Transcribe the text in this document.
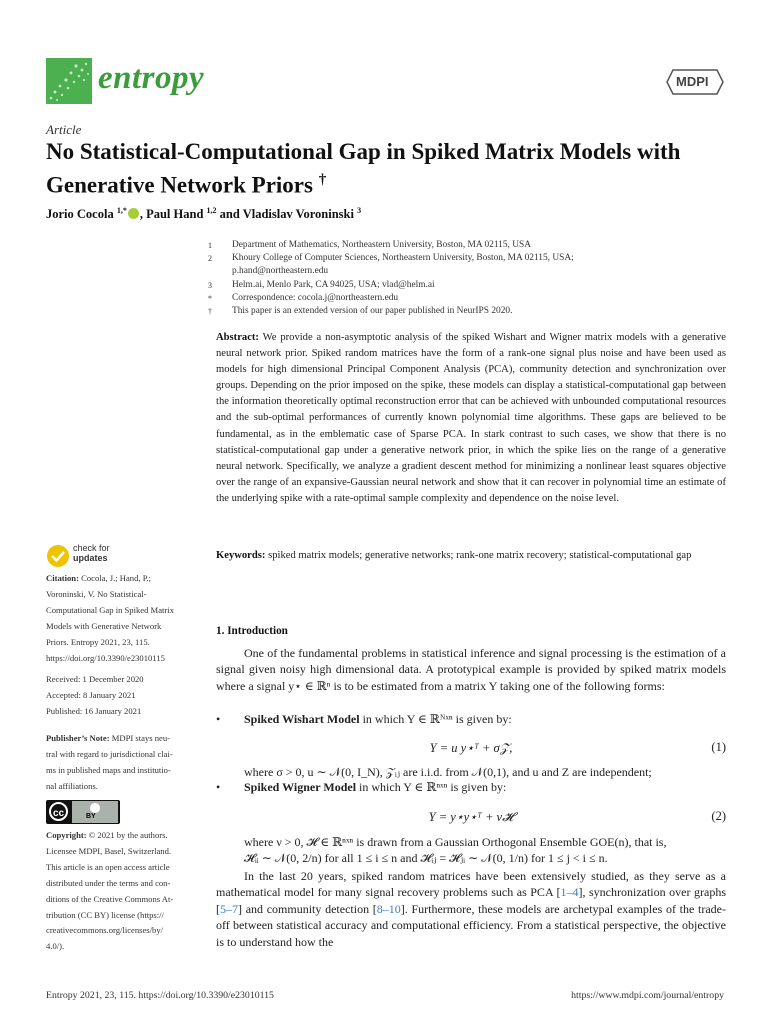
entropy	MDPI
Article
No Statistical-Computational Gap in Spiked Matrix Models with Generative Network Priors †
Jorio Cocola $^{1,*}$ , Paul Hand $^{1,2}$ and Vladislav Voroninski $^3$
1	Department of Mathematics, Northeastern University, Boston, MA 02115, USA
2	Khoury College of Computer Sciences, Northeastern University, Boston, MA 02115, USA;
p.hand@northeastern.edu
3	Helm.ai, Menlo Park, CA 94025, USA; vlad@helm.ai
*	Correspondence: cocola.j@northeastern.edu
†	This paper is an extended version of our paper published in NeurIPS 2020.
Abstract: We provide a non-asymptotic analysis of the spiked Wishart and Wigner matrix models with a generative neural network prior. Spiked random matrices have the form of a rank-one signal plus noise and have been used as models for high dimensional Principal Component Analysis (PCA), community detection and synchronization over groups. Depending on the prior imposed on the spike, these models can display a statistical-computational gap between the information theoretically optimal reconstruction error that can be achieved with unbounded computational resources and the sub-optimal performances of currently known polynomial time algorithms. These gaps are believed to be fundamental, as in the emblematic case of Sparse PCA. In stark contrast to such cases, we show that there is no statistical-computational gap under a generative network prior, in which the spike lies on the range of a generative neural network. Specifically, we analyze a gradient descent method for minimizing a nonlinear least squares objective over the range of an expansive-Gaussian neural network and show that it can recover in polynomial time an estimate of the underlying spike with a rate-optimal sample complexity and dependence on the noise level.
Keywords: spiked matrix models; generative networks; rank-one matrix recovery; statistical-computational gap
check for
updates
Citation: Cocola, J.; Hand, P.;
Voroninski, V. No Statistical-
Computational Gap in Spiked Matrix
Models with Generative Network
Priors. Entropy 2021, 23, 115.
https://doi.org/10.3390/e23010115
Received: 1 December 2020
Accepted: 8 January 2021
Published: 16 January 2021
Publisher’s Note: MDPI stays neu-
tral with regard to jurisdictional clai-
ms in published maps and institutio-
nal affiliations.
cc	BY
Copyright: © 2021 by the authors.
Licensee MDPI, Basel, Switzerland.
This article is an open access article
distributed under the terms and con-
ditions of the Creative Commons At-
tribution (CC BY) license (https://
creativecommons.org/licenses/by/
4.0/).
1. Introduction
One of the fundamental problems in statistical inference and signal processing is the estimation of a signal given noisy high dimensional data. A prototypical example is provided by spiked matrix models where a signal y⋆ ∈ ℝⁿ is to be estimated from a matrix Y taking one of the following forms:
• Spiked Wishart Model in which Y ∈ ℝᴺˣⁿ is given by:
Y = u y⋆ᵀ + σ𝒵,	(1)
where σ > 0, u ∼ 𝒩(0, I_N), 𝒵ᵢⱼ are i.i.d. from 𝒩(0,1), and u and Z are independent;
• Spiked Wigner Model in which Y ∈ ℝⁿˣⁿ is given by:
Y = y⋆y⋆ᵀ + ν𝓗	(2)
where ν > 0, 𝓗 ∈ ℝⁿˣⁿ is drawn from a Gaussian Orthogonal Ensemble GOE(n), that is,
𝓗ᵢᵢ ∼ 𝒩(0, 2/n) for all 1 ≤ i ≤ n and 𝓗ᵢⱼ = 𝓗ⱼᵢ ∼ 𝒩(0, 1/n) for 1 ≤ j < i ≤ n.
In the last 20 years, spiked random matrices have been extensively studied, as they serve as a mathematical model for many signal recovery problems such as PCA [1–4], synchronization over graphs [5–7] and community detection [8–10]. Furthermore, these models are archetypal examples of the trade-off between statistical accuracy and computational efficiency. From a statistical perspective, the objective is to understand how the
Entropy 2021, 23, 115. https://doi.org/10.3390/e23010115	https://www.mdpi.com/journal/entropy
